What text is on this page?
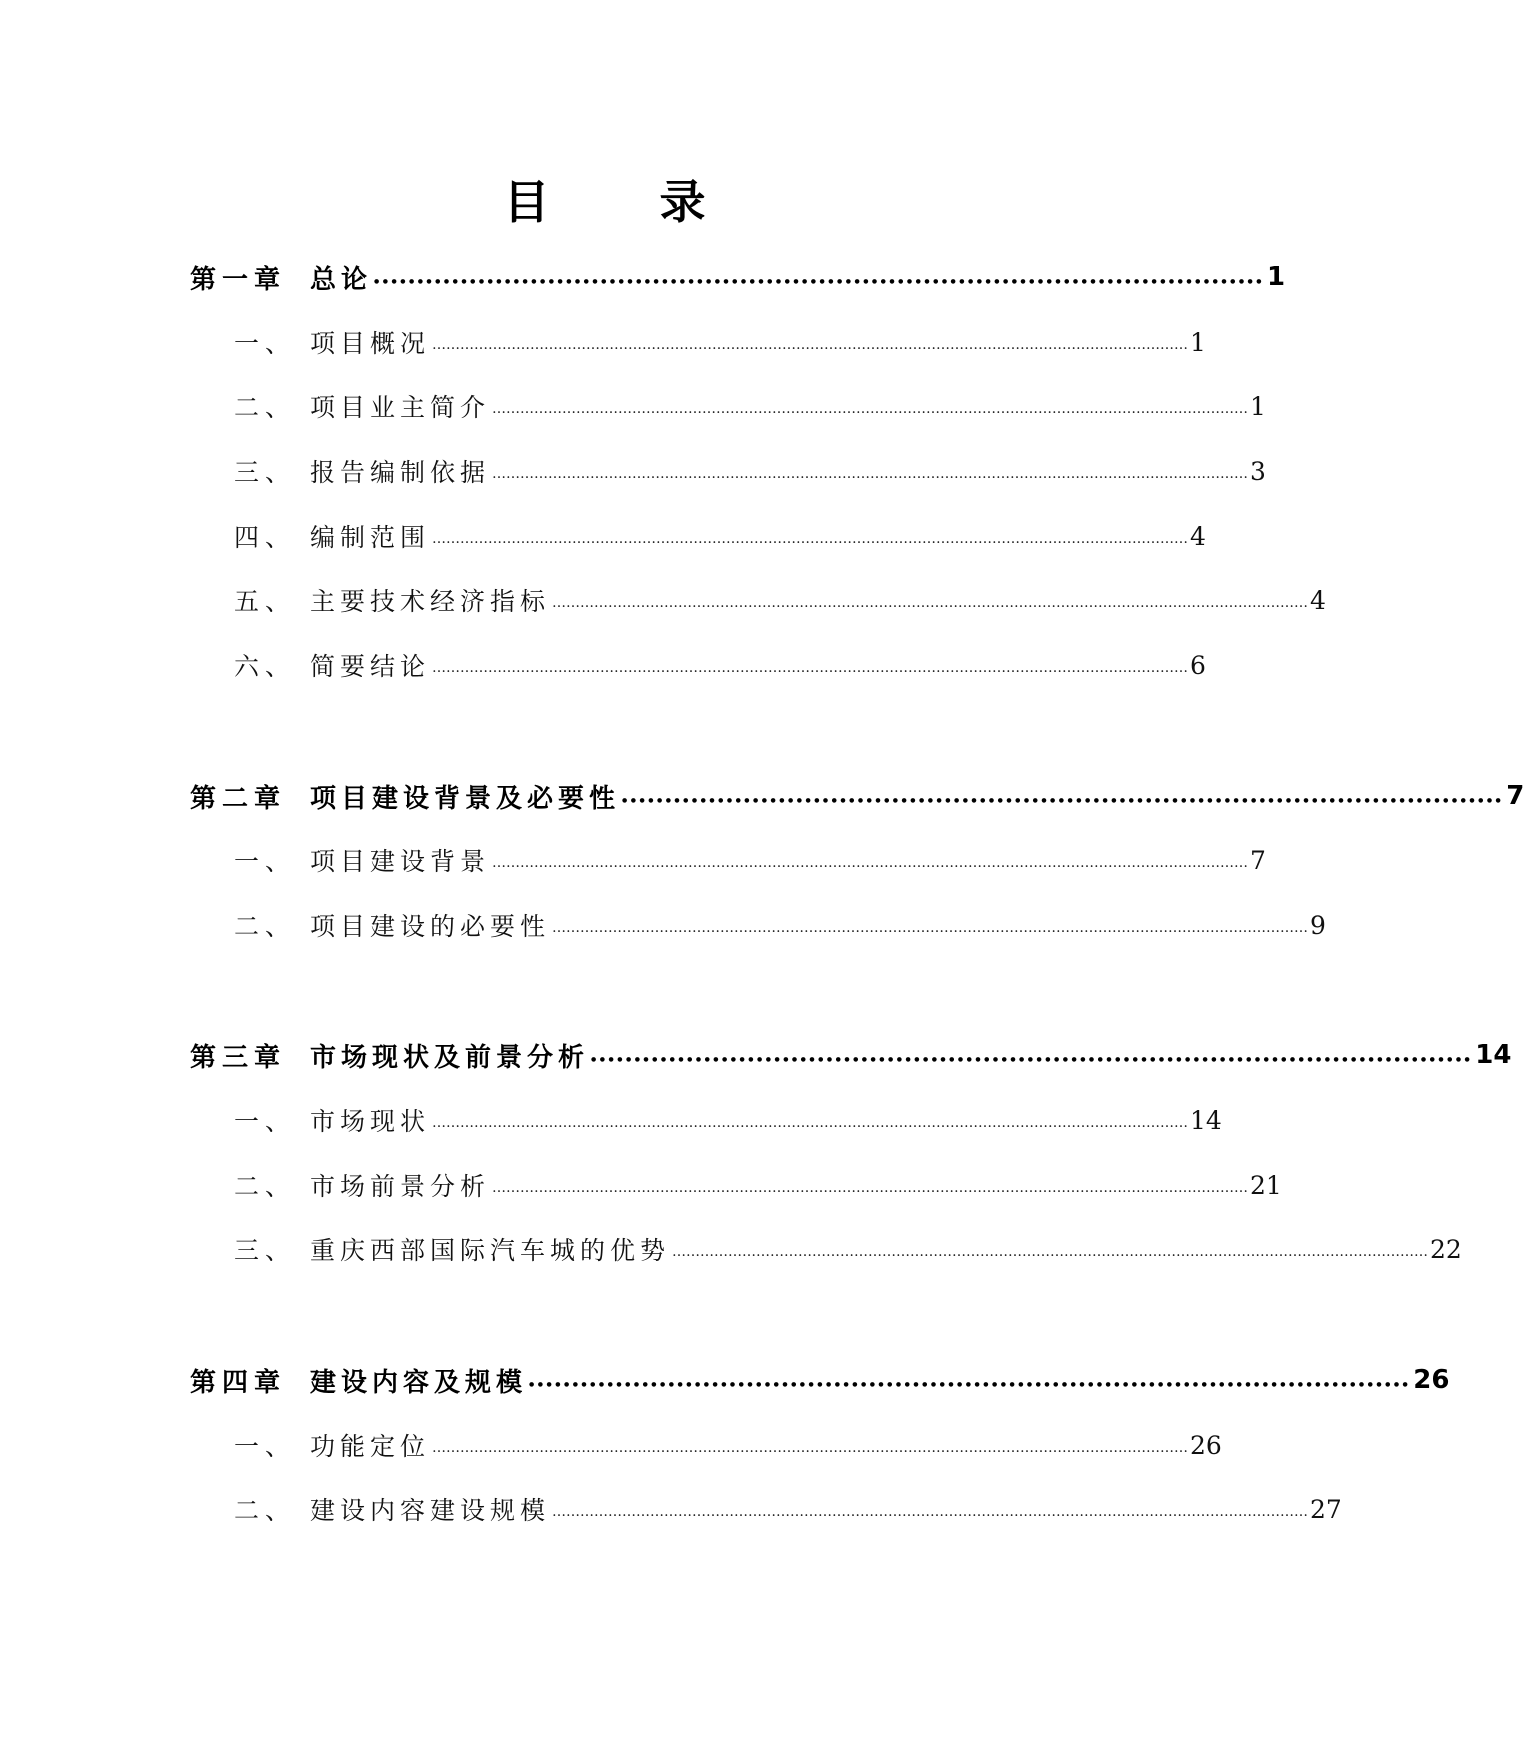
目　录
第一章 总论 ●●●●●●●●●●●●●●●●●●●●●●●●●●●●●●●●●●●●●●●●●●●●●●●●●●●●●●●●●●●●●●●●●●●●●●●●●●●●●●●●●●●●●●●●●●●●●●●●●●●●●● 1
一、 项目概况 ……………………………………………………………………………………………………………………………………………… 1
二、 项目业主简介 ……………………………………………………………………………………………………………………………………………… 1
三、 报告编制依据 ……………………………………………………………………………………………………………………………………………… 3
四、 编制范围 ……………………………………………………………………………………………………………………………………………… 4
五、 主要技术经济指标 ……………………………………………………………………………………………………………………………………………… 4
六、 简要结论 ……………………………………………………………………………………………………………………………………………… 6
第二章 项目建设背景及必要性 ●●●●●●●●●●●●●●●●●●●●●●●●●●●●●●●●●●●●●●●●●●●●●●●●●●●●●●●●●●●●●●●●●●●●●●●●●●●●●●●●●●●●●●●●●●●●●●●●●●●●● 7
一、 项目建设背景 ……………………………………………………………………………………………………………………………………………… 7
二、 项目建设的必要性 ……………………………………………………………………………………………………………………………………………… 9
第三章 市场现状及前景分析 ●●●●●●●●●●●●●●●●●●●●●●●●●●●●●●●●●●●●●●●●●●●●●●●●●●●●●●●●●●●●●●●●●●●●●●●●●●●●●●●●●●●●●●●●●●●●●●●●●●●●● 14
一、 市场现状 ……………………………………………………………………………………………………………………………………………… 14
二、 市场前景分析 ……………………………………………………………………………………………………………………………………………… 21
三、 重庆西部国际汽车城的优势 ……………………………………………………………………………………………………………………………………………… 22
第四章 建设内容及规模 ●●●●●●●●●●●●●●●●●●●●●●●●●●●●●●●●●●●●●●●●●●●●●●●●●●●●●●●●●●●●●●●●●●●●●●●●●●●●●●●●●●●●●●●●●●●●●●●●●●●●● 26
一、 功能定位 ……………………………………………………………………………………………………………………………………………… 26
二、 建设内容建设规模 ……………………………………………………………………………………………………………………………………………… 27
